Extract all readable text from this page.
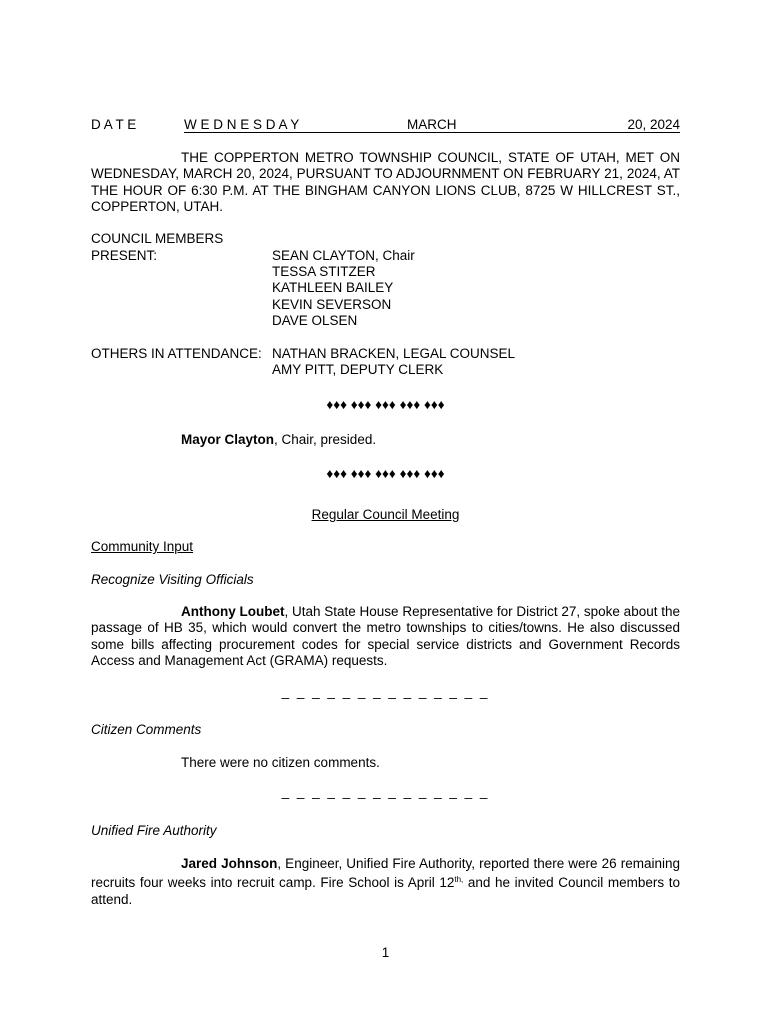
D A T E	W E D N E S D A Y	MARCH	20, 2024
THE COPPERTON METRO TOWNSHIP COUNCIL, STATE OF UTAH, MET ON WEDNESDAY, MARCH 20, 2024, PURSUANT TO ADJOURNMENT ON FEBRUARY 21, 2024, AT THE HOUR OF 6:30 P.M. AT THE BINGHAM CANYON LIONS CLUB, 8725 W HILLCREST ST., COPPERTON, UTAH.
COUNCIL MEMBERS
PRESENT:	SEAN CLAYTON, Chair
TESSA STITZER
KATHLEEN BAILEY
KEVIN SEVERSON
DAVE OLSEN
OTHERS IN ATTENDANCE: NATHAN BRACKEN, LEGAL COUNSEL
AMY PITT, DEPUTY CLERK
♦♦♦ ♦♦♦ ♦♦♦ ♦♦♦ ♦♦♦
Mayor Clayton, Chair, presided.
♦♦♦ ♦♦♦ ♦♦♦ ♦♦♦ ♦♦♦
Regular Council Meeting
Community Input
Recognize Visiting Officials
Anthony Loubet, Utah State House Representative for District 27, spoke about the passage of HB 35, which would convert the metro townships to cities/towns. He also discussed some bills affecting procurement codes for special service districts and Government Records Access and Management Act (GRAMA) requests.
_ _ _ _ _ _ _ _ _ _ _ _ _ _
Citizen Comments
There were no citizen comments.
_ _ _ _ _ _ _ _ _ _ _ _ _ _
Unified Fire Authority
Jared Johnson, Engineer, Unified Fire Authority, reported there were 26 remaining recruits four weeks into recruit camp. Fire School is April $12^{th,}$ and he invited Council members to attend.
1
